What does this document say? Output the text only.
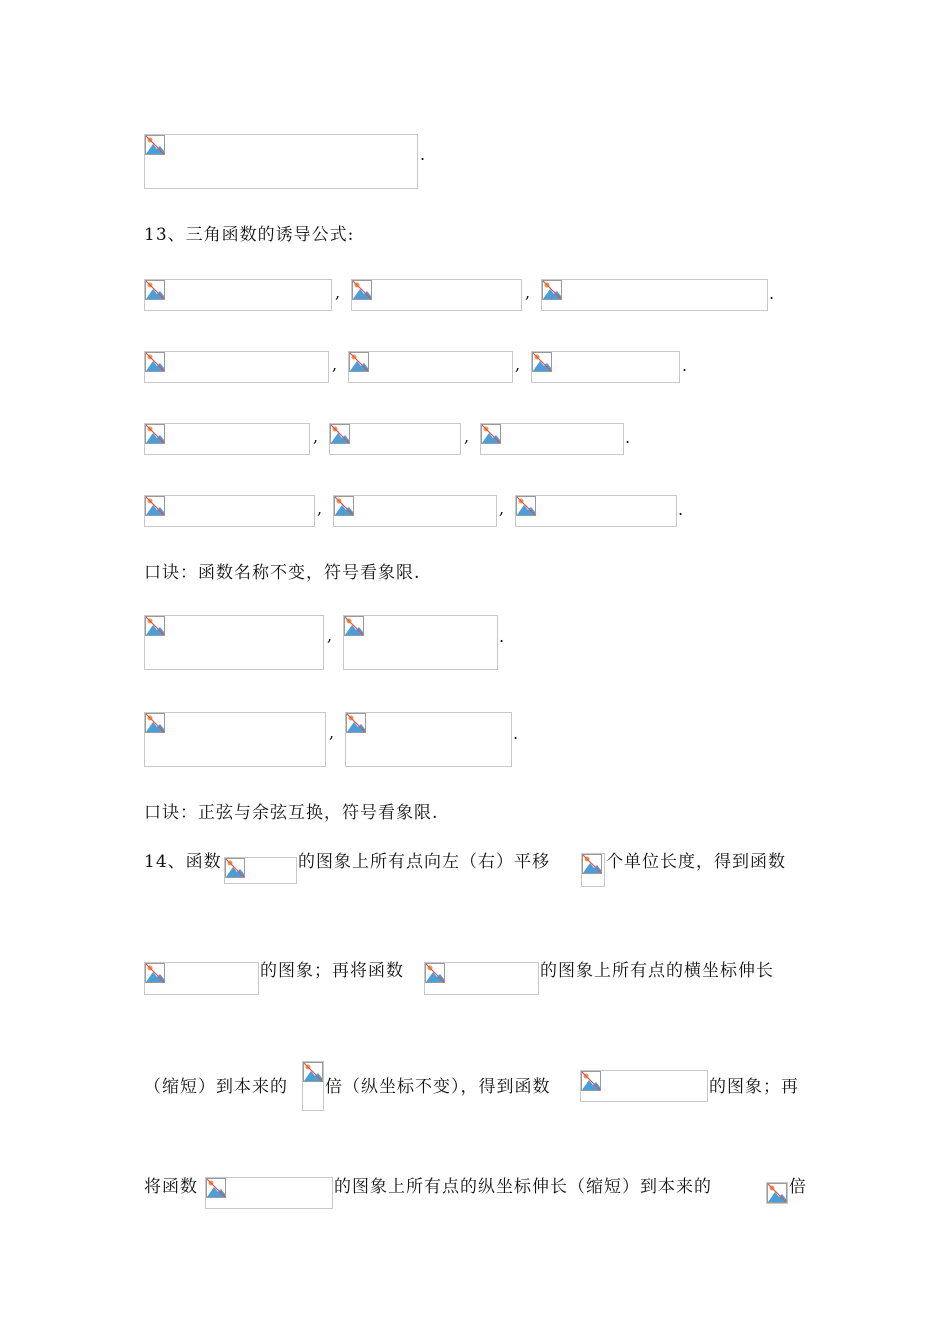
.
13、三角函数的诱导公式:
,	,	.
,	,	.
,	,	.
,	,	.
口诀：函数名称不变，符号看象限.
,	.
,	.
口诀：正弦与余弦互换，符号看象限.
14、函数	的图象上所有点向左（右）平移	个单位长度，得到函数
的图象；再将函数	的图象上所有点的横坐标伸长
（缩短）到本来的 倍（纵坐标不变），得到函数	的图象；再
将函数	的图象上所有点的纵坐标伸长（缩短）到本来的	倍
